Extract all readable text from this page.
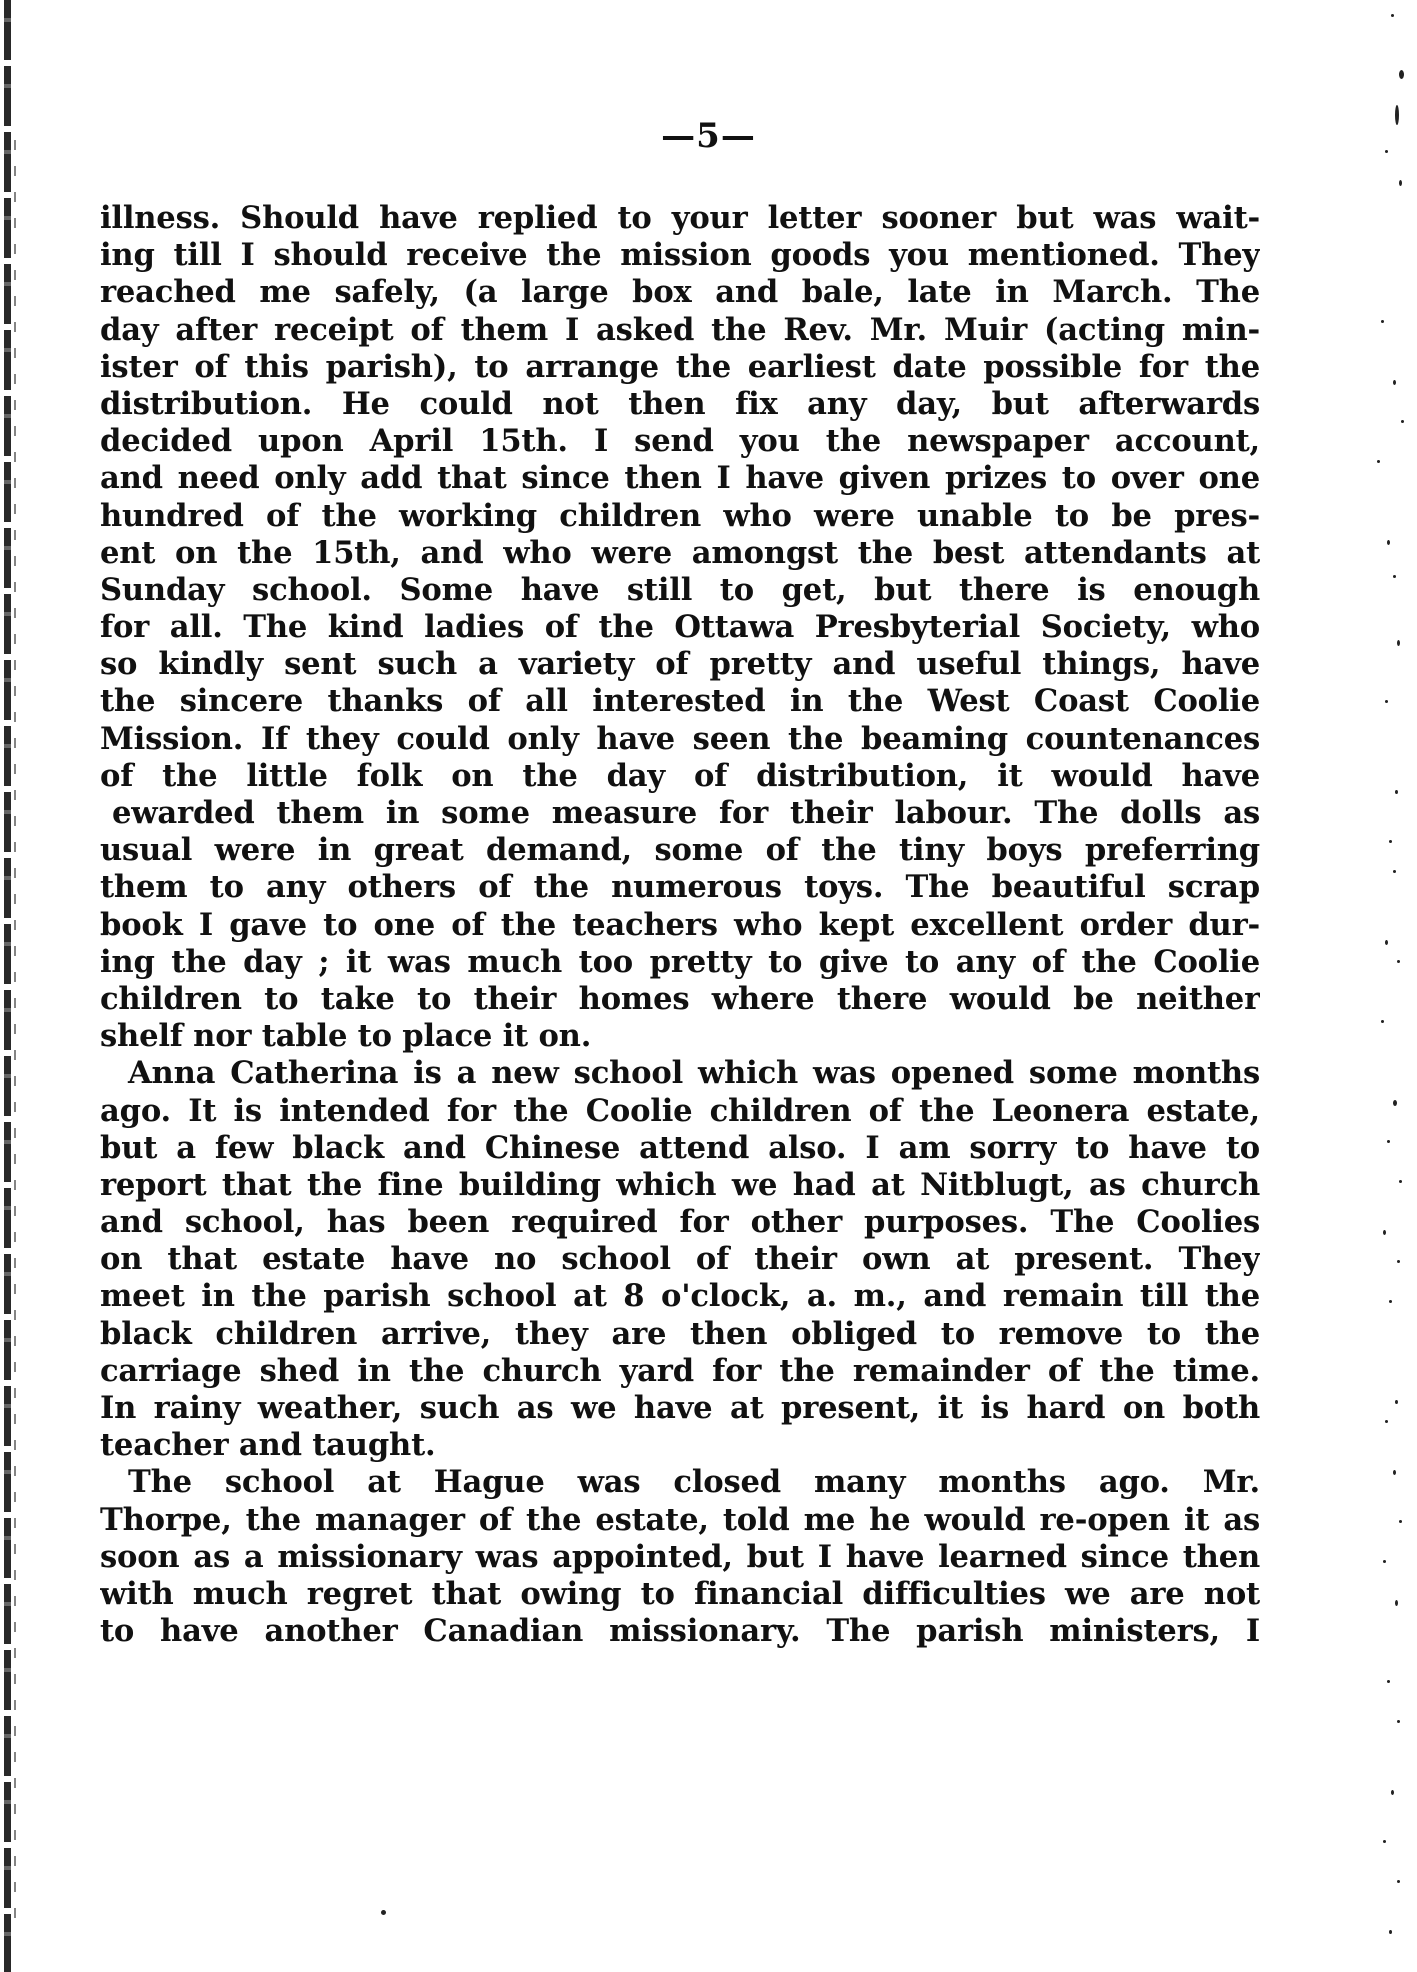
—5—
illness. Should have replied to your letter sooner but was wait-
ing till I should receive the mission goods you mentioned. They
reached me safely, (a large box and bale, late in March. The
day after receipt of them I asked the Rev. Mr. Muir (acting min-
ister of this parish), to arrange the earliest date possible for the
distribution. He could not then fix any day, but afterwards
decided upon April 15th. I send you the newspaper account,
and need only add that since then I have given prizes to over one
hundred of the working children who were unable to be pres-
ent on the 15th, and who were amongst the best attendants at
Sunday school. Some have still to get, but there is enough
for all. The kind ladies of the Ottawa Presbyterial Society, who
so kindly sent such a variety of pretty and useful things, have
the sincere thanks of all interested in the West Coast Coolie
Mission. If they could only have seen the beaming countenances
of the little folk on the day of distribution, it would have
ewarded them in some measure for their labour. The dolls as
usual were in great demand, some of the tiny boys preferring
them to any others of the numerous toys. The beautiful scrap
book I gave to one of the teachers who kept excellent order dur-
ing the day ; it was much too pretty to give to any of the Coolie
children to take to their homes where there would be neither
shelf nor table to place it on.
Anna Catherina is a new school which was opened some months
ago. It is intended for the Coolie children of the Leonera estate,
but a few black and Chinese attend also. I am sorry to have to
report that the fine building which we had at Nitblugt, as church
and school, has been required for other purposes. The Coolies
on that estate have no school of their own at present. They
meet in the parish school at 8 o'clock, a. m., and remain till the
black children arrive, they are then obliged to remove to the
carriage shed in the church yard for the remainder of the time.
In rainy weather, such as we have at present, it is hard on both
teacher and taught.
The school at Hague was closed many months ago. Mr.
Thorpe, the manager of the estate, told me he would re-open it as
soon as a missionary was appointed, but I have learned since then
with much regret that owing to financial difficulties we are not
to have another Canadian missionary. The parish ministers, I
